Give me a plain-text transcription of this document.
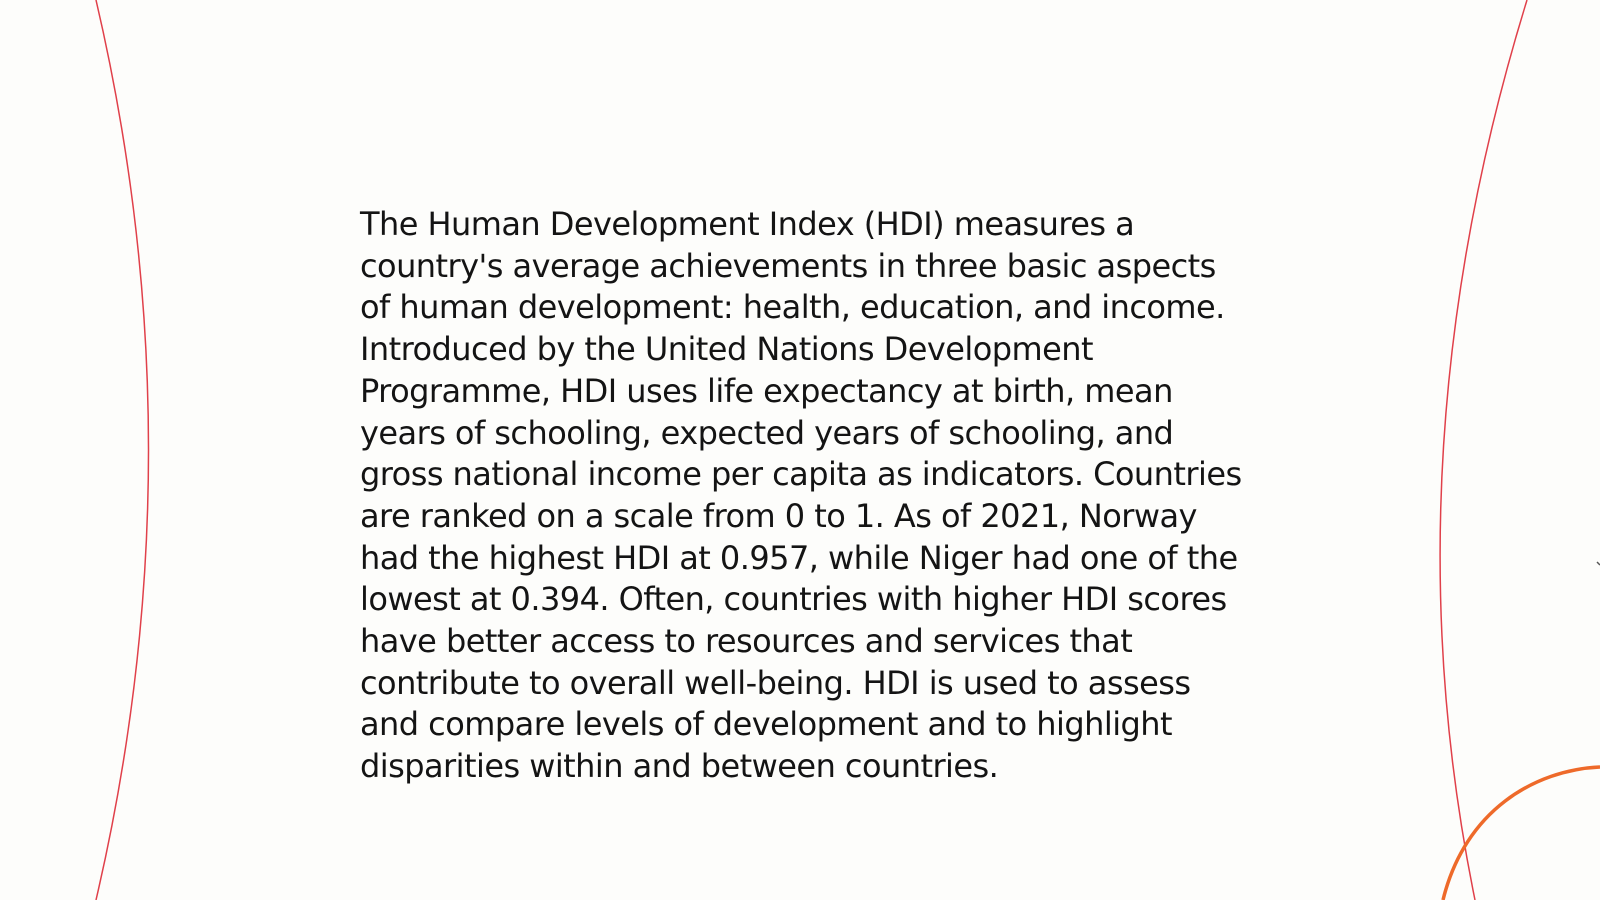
The Human Development Index (HDI) measures a country's average achievements in three basic aspects of human development: health, education, and income. Introduced by the United Nations Development Programme, HDI uses life expectancy at birth, mean years of schooling, expected years of schooling, and gross national income per capita as indicators. Countries are ranked on a scale from 0 to 1. As of 2021, Norway had the highest HDI at 0.957, while Niger had one of the lowest at 0.394. Often, countries with higher HDI scores have better access to resources and services that contribute to overall well-being. HDI is used to assess and compare levels of development and to highlight disparities within and between countries.
